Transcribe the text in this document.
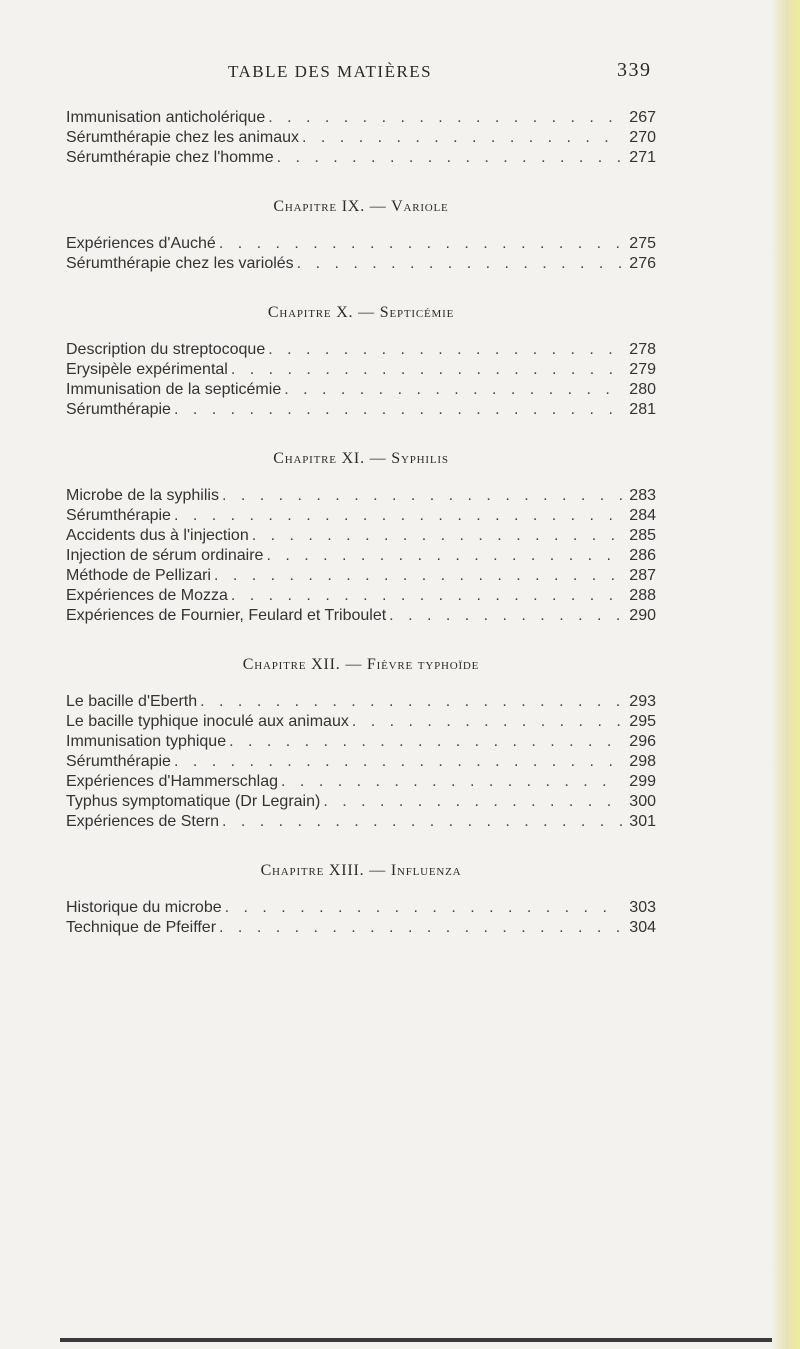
TABLE DES MATIÈRES	339
Immunisation anticholérique . . .	267
Sérumthérapie chez les animaux . . .	270
Sérumthérapie chez l'homme . . .	271
Chapitre IX. — Variole
Expériences d'Auché . . .	275
Sérumthérapie chez les variolés . . .	276
Chapitre X. — Septicémie
Description du streptocoque . . .	278
Erysipèle expérimental . . .	279
Immunisation de la septicémie . . .	280
Sérumthérapie . . .	281
Chapitre XI. — Syphilis
Microbe de la syphilis . . .	283
Sérumthérapie . . .	284
Accidents dus à l'injection . . .	285
Injection de sérum ordinaire . . .	286
Méthode de Pellizari . . .	287
Expériences de Mozza . . .	288
Expériences de Fournier, Feulard et Triboulet . . .	290
Chapitre XII. — Fièvre typhoïde
Le bacille d'Eberth . . .	293
Le bacille typhique inoculé aux animaux . . .	295
Immunisation typhique . . .	296
Sérumthérapie . . .	298
Expériences d'Hammerschlag . . .	299
Typhus symptomatique (Dr Legrain) . . .	300
Expériences de Stern . . .	301
Chapitre XIII. — Influenza
Historique du microbe . . .	303
Technique de Pfeiffer . . .	304
